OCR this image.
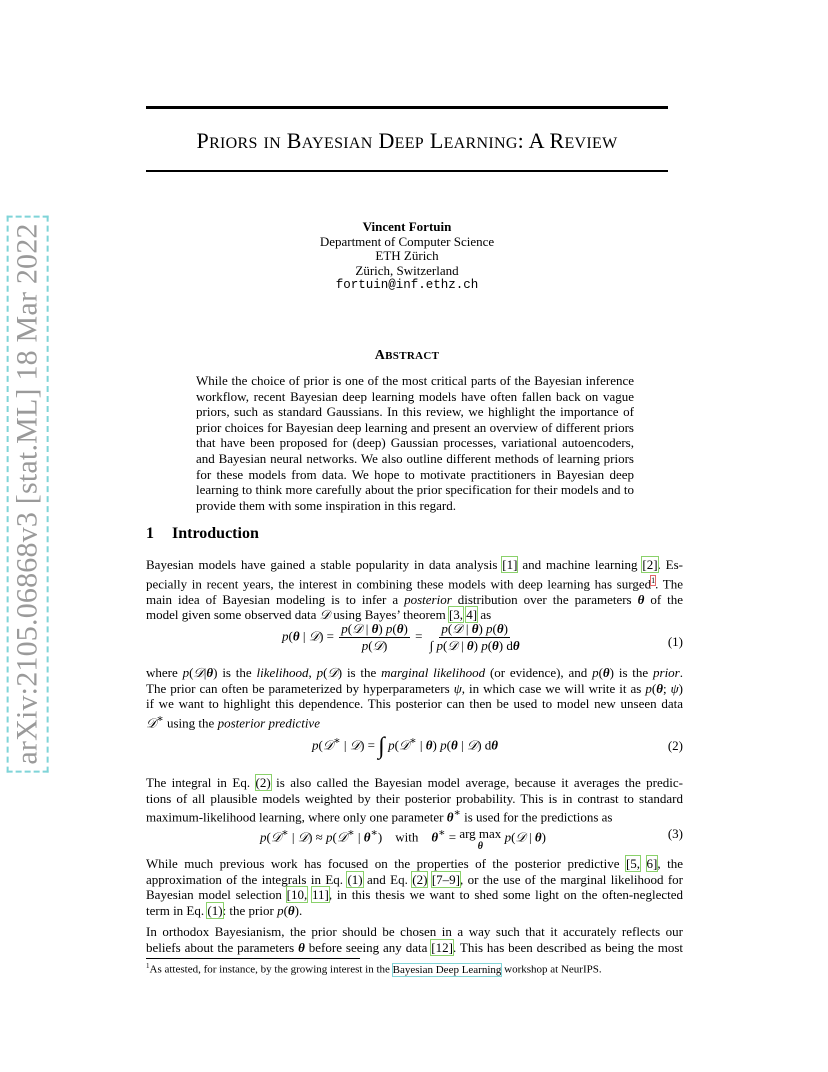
arXiv:2105.06868v3 [stat.ML] 18 Mar 2022
PRIORS IN BAYESIAN DEEP LEARNING: A REVIEW
Vincent Fortuin
Department of Computer Science
ETH Zürich
Zürich, Switzerland
fortuin@inf.ethz.ch
ABSTRACT
While the choice of prior is one of the most critical parts of the Bayesian inference workflow, recent Bayesian deep learning models have often fallen back on vague priors, such as standard Gaussians. In this review, we highlight the importance of prior choices for Bayesian deep learning and present an overview of different priors that have been proposed for (deep) Gaussian processes, variational autoencoders, and Bayesian neural networks. We also outline different methods of learning priors for these models from data. We hope to motivate practitioners in Bayesian deep learning to think more carefully about the prior specification for their models and to provide them with some inspiration in this regard.
1 Introduction
Bayesian models have gained a stable popularity in data analysis [1] and machine learning [2]. Es-
pecially in recent years, the interest in combining these models with deep learning has surged$^1$. The
main idea of Bayesian modeling is to infer a posterior distribution over the parameters θ of the
model given some observed data 𝒟 using Bayes’ theorem [3, 4] as
p(θ | 𝒟) = $\frac{\text{p(𝒟 | θ) p(θ)}}{\text{p(𝒟)}} = \frac{\text{p(𝒟 | θ) p(θ)}}{\text{∫ p(𝒟 | θ) p(θ) dθ}}$	(1)
where p(𝒟|θ) is the likelihood, p(𝒟) is the marginal likelihood (or evidence), and p(θ) is the prior.
The prior can often be parameterized by hyperparameters ψ, in which case we will write it as p(θ; ψ)
if we want to highlight this dependence. This posterior can then be used to model new unseen data
𝒟∗ using the posterior predictive
p(𝒟∗ | 𝒟) = ∫ p(𝒟∗ | θ) p(θ | 𝒟) dθ	(2)
The integral in Eq. (2) is also called the Bayesian model average, because it averages the predic-
tions of all plausible models weighted by their posterior probability. This is in contrast to standard
maximum-likelihood learning, where only one parameter θ∗ is used for the predictions as
p(𝒟∗ | 𝒟) ≈ p(𝒟∗ | θ∗)    with θ∗ = arg max
θ
p(𝒟 | θ)	(3)
While much previous work has focused on the properties of the posterior predictive [5, 6], the
approximation of the integrals in Eq. (1) and Eq. (2) [7–9], or the use of the marginal likelihood for
Bayesian model selection [10, 11], in this thesis we want to shed some light on the often-neglected
term in Eq. (1): the prior p(θ).
In orthodox Bayesianism, the prior should be chosen in a way such that it accurately reflects our
beliefs about the parameters θ before seeing any data [12]. This has been described as being the most
$^1$As attested, for instance, by the growing interest in the Bayesian Deep Learning workshop at NeurIPS.
